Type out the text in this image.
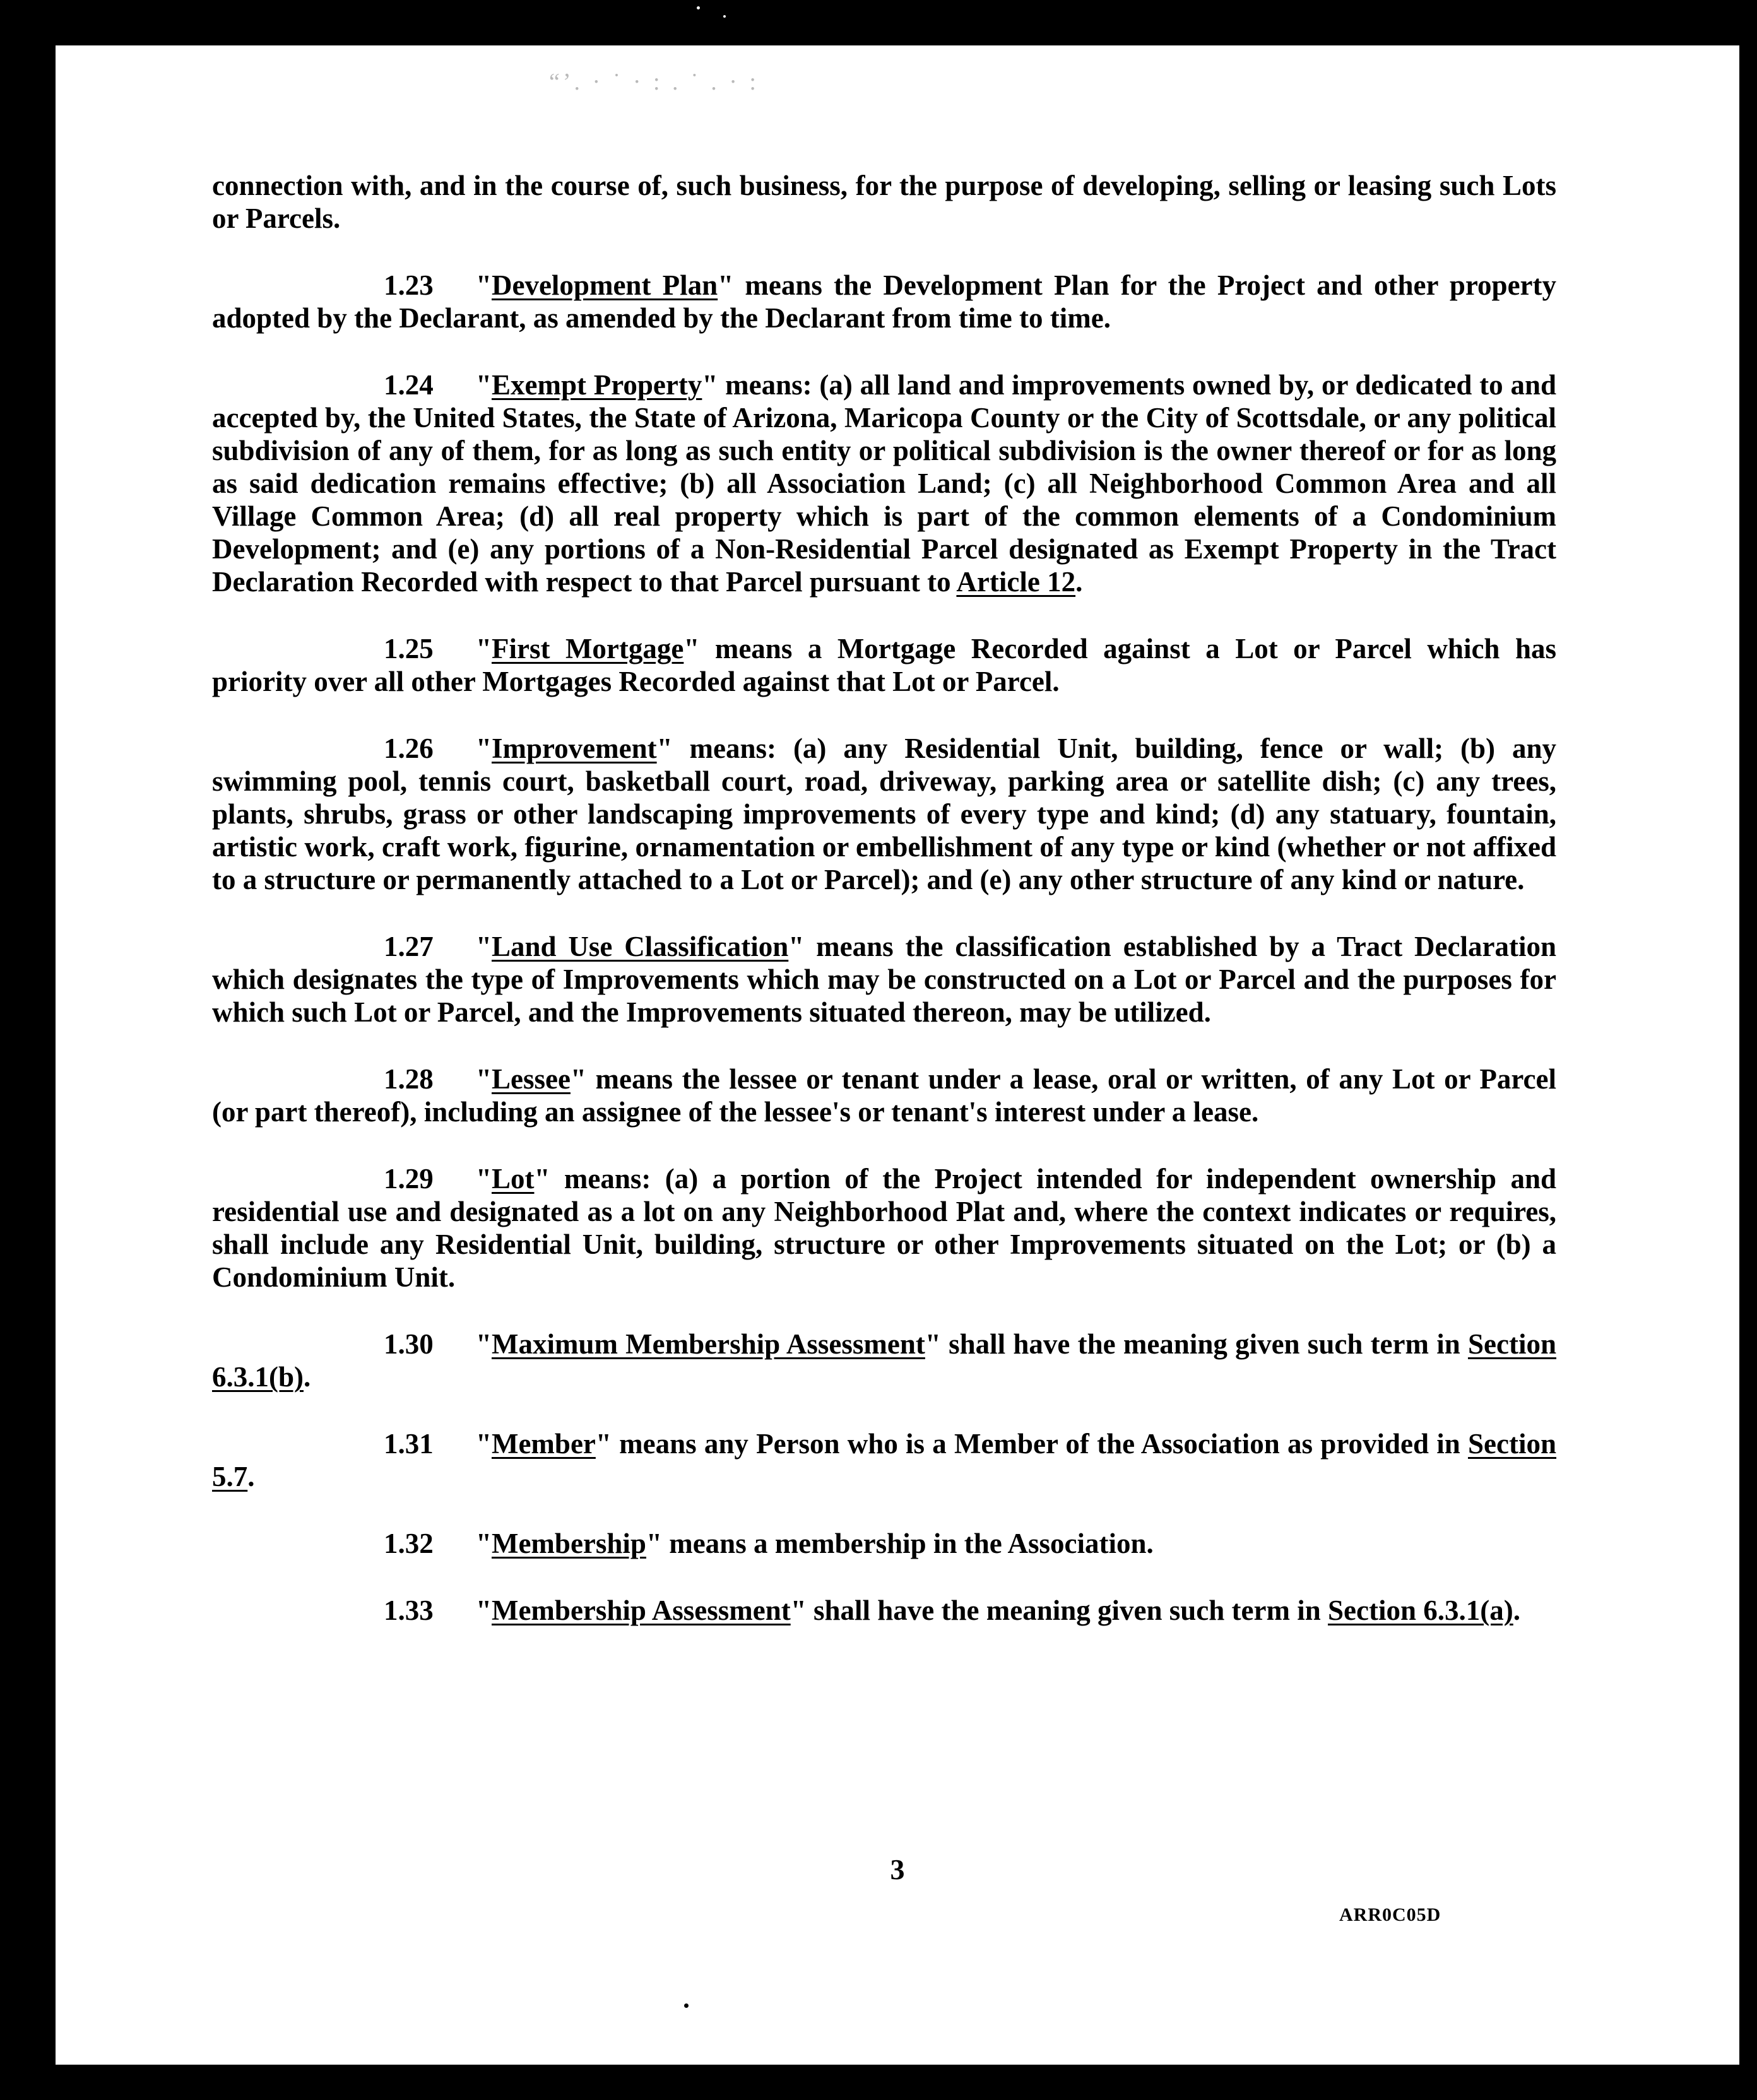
“’. · ˙ · : . ˙ . · :

connection with, and in the course of, such business, for the purpose of developing, selling or leasing such Lots or Parcels.

1.23 "Development Plan" means the Development Plan for the Project and other property adopted by the Declarant, as amended by the Declarant from time to time.

1.24 "Exempt Property" means: (a) all land and improvements owned by, or dedicated to and accepted by, the United States, the State of Arizona, Maricopa County or the City of Scottsdale, or any political subdivision of any of them, for as long as such entity or political subdivision is the owner thereof or for as long as said dedication remains effective; (b) all Association Land; (c) all Neighborhood Common Area and all Village Common Area; (d) all real property which is part of the common elements of a Condominium Development; and (e) any portions of a Non-Residential Parcel designated as Exempt Property in the Tract Declaration Recorded with respect to that Parcel pursuant to Article 12.

1.25 "First Mortgage" means a Mortgage Recorded against a Lot or Parcel which has priority over all other Mortgages Recorded against that Lot or Parcel.

1.26 "Improvement" means: (a) any Residential Unit, building, fence or wall; (b) any swimming pool, tennis court, basketball court, road, driveway, parking area or satellite dish; (c) any trees, plants, shrubs, grass or other landscaping improvements of every type and kind; (d) any statuary, fountain, artistic work, craft work, figurine, ornamentation or embellishment of any type or kind (whether or not affixed to a structure or permanently attached to a Lot or Parcel); and (e) any other structure of any kind or nature.

1.27 "Land Use Classification" means the classification established by a Tract Declaration which designates the type of Improvements which may be constructed on a Lot or Parcel and the purposes for which such Lot or Parcel, and the Improvements situated thereon, may be utilized.

1.28 "Lessee" means the lessee or tenant under a lease, oral or written, of any Lot or Parcel (or part thereof), including an assignee of the lessee's or tenant's interest under a lease.

1.29 "Lot" means: (a) a portion of the Project intended for independent ownership and residential use and designated as a lot on any Neighborhood Plat and, where the context indicates or requires, shall include any Residential Unit, building, structure or other Improvements situated on the Lot; or (b) a Condominium Unit.

1.30 "Maximum Membership Assessment" shall have the meaning given such term in Section 6.3.1(b).

1.31 "Member" means any Person who is a Member of the Association as provided in Section 5.7.

1.32 "Membership" means a membership in the Association.

1.33 "Membership Assessment" shall have the meaning given such term in Section 6.3.1(a).

3
ARR0C05D
